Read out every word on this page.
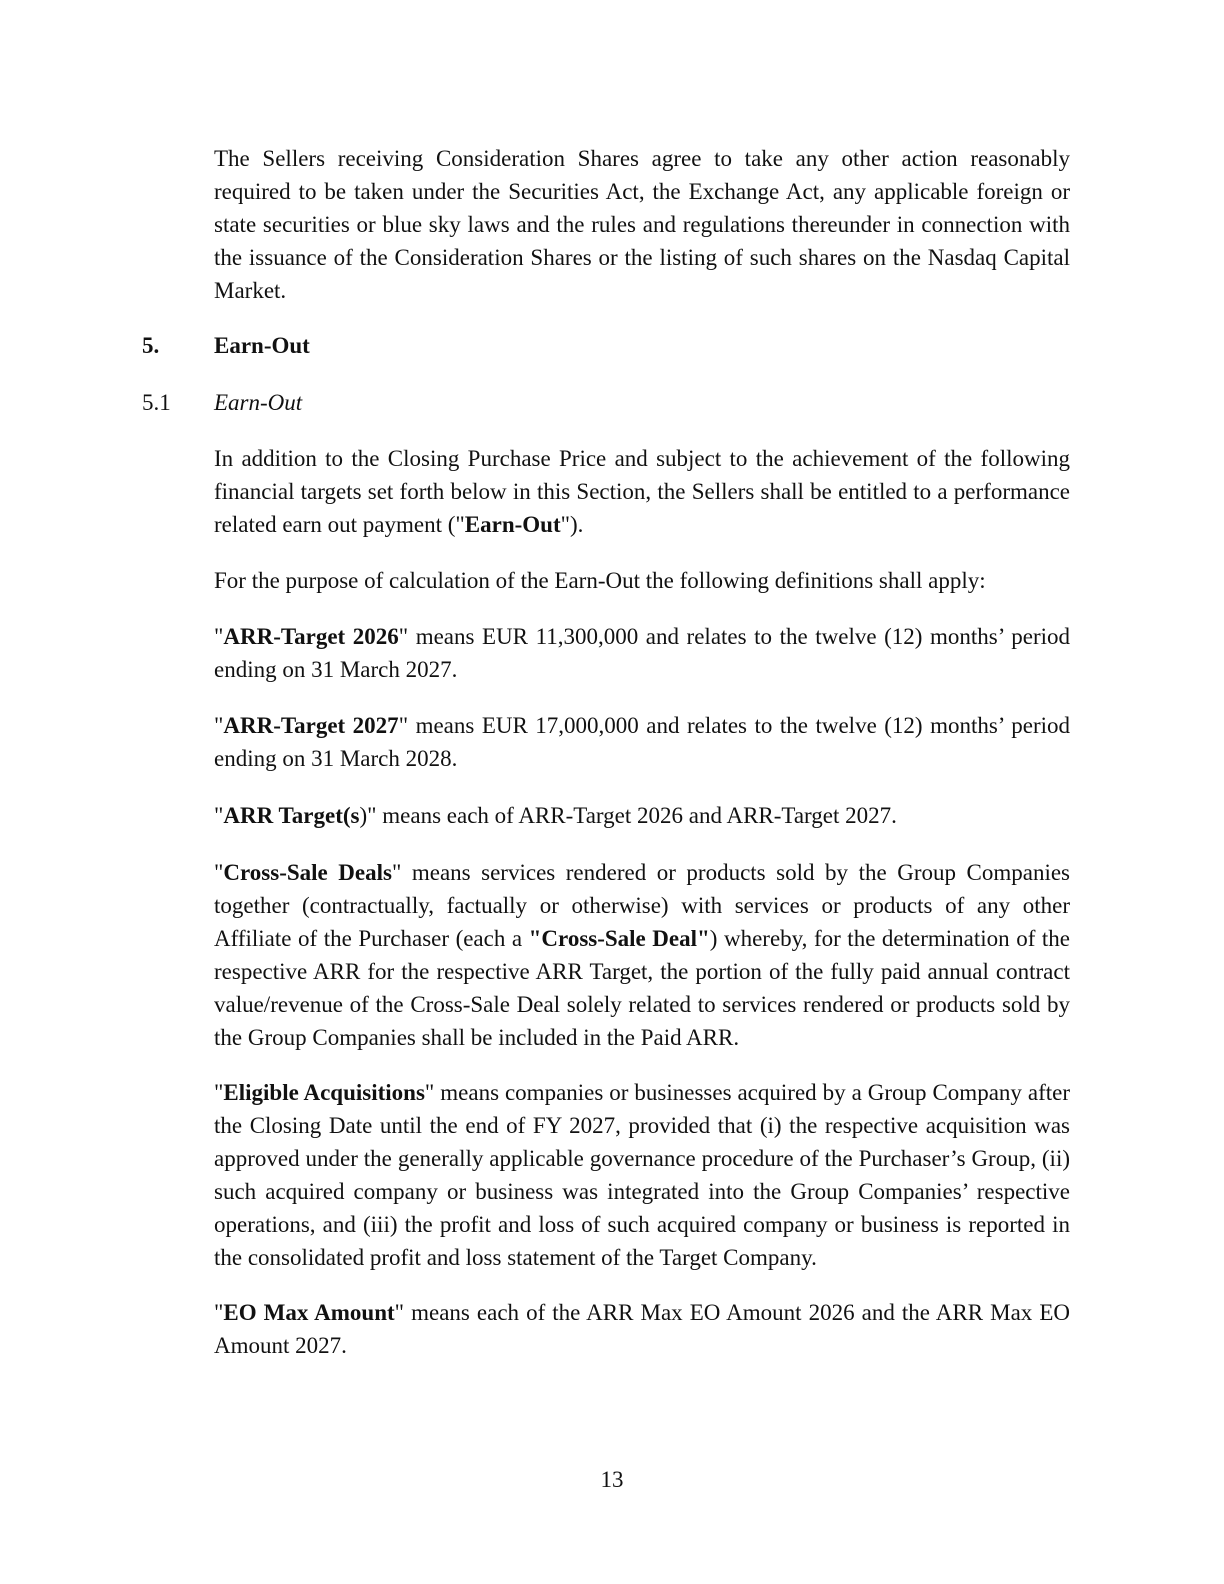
The Sellers receiving Consideration Shares agree to take any other action reasonably required to be taken under the Securities Act, the Exchange Act, any applicable foreign or state securities or blue sky laws and the rules and regulations thereunder in connection with the issuance of the Consideration Shares or the listing of such shares on the Nasdaq Capital Market.

5. Earn-Out
5.1 Earn-Out

In addition to the Closing Purchase Price and subject to the achievement of the following financial targets set forth below in this Section, the Sellers shall be entitled to a performance related earn out payment ("Earn-Out").

For the purpose of calculation of the Earn-Out the following definitions shall apply:

"ARR-Target 2026" means EUR 11,300,000 and relates to the twelve (12) months’ period ending on 31 March 2027.

"ARR-Target 2027" means EUR 17,000,000 and relates to the twelve (12) months’ period ending on 31 March 2028.

"ARR Target(s)" means each of ARR-Target 2026 and ARR-Target 2027.

"Cross-Sale Deals" means services rendered or products sold by the Group Companies together (contractually, factually or otherwise) with services or products of any other Affiliate of the Purchaser (each a "Cross-Sale Deal") whereby, for the determination of the respective ARR for the respective ARR Target, the portion of the fully paid annual contract value/revenue of the Cross-Sale Deal solely related to services rendered or products sold by the Group Companies shall be included in the Paid ARR.

"Eligible Acquisitions" means companies or businesses acquired by a Group Company after the Closing Date until the end of FY 2027, provided that (i) the respective acquisition was approved under the generally applicable governance procedure of the Purchaser’s Group, (ii) such acquired company or business was integrated into the Group Companies’ respective operations, and (iii) the profit and loss of such acquired company or business is reported in the consolidated profit and loss statement of the Target Company.

"EO Max Amount" means each of the ARR Max EO Amount 2026 and the ARR Max EO Amount 2027.

13
